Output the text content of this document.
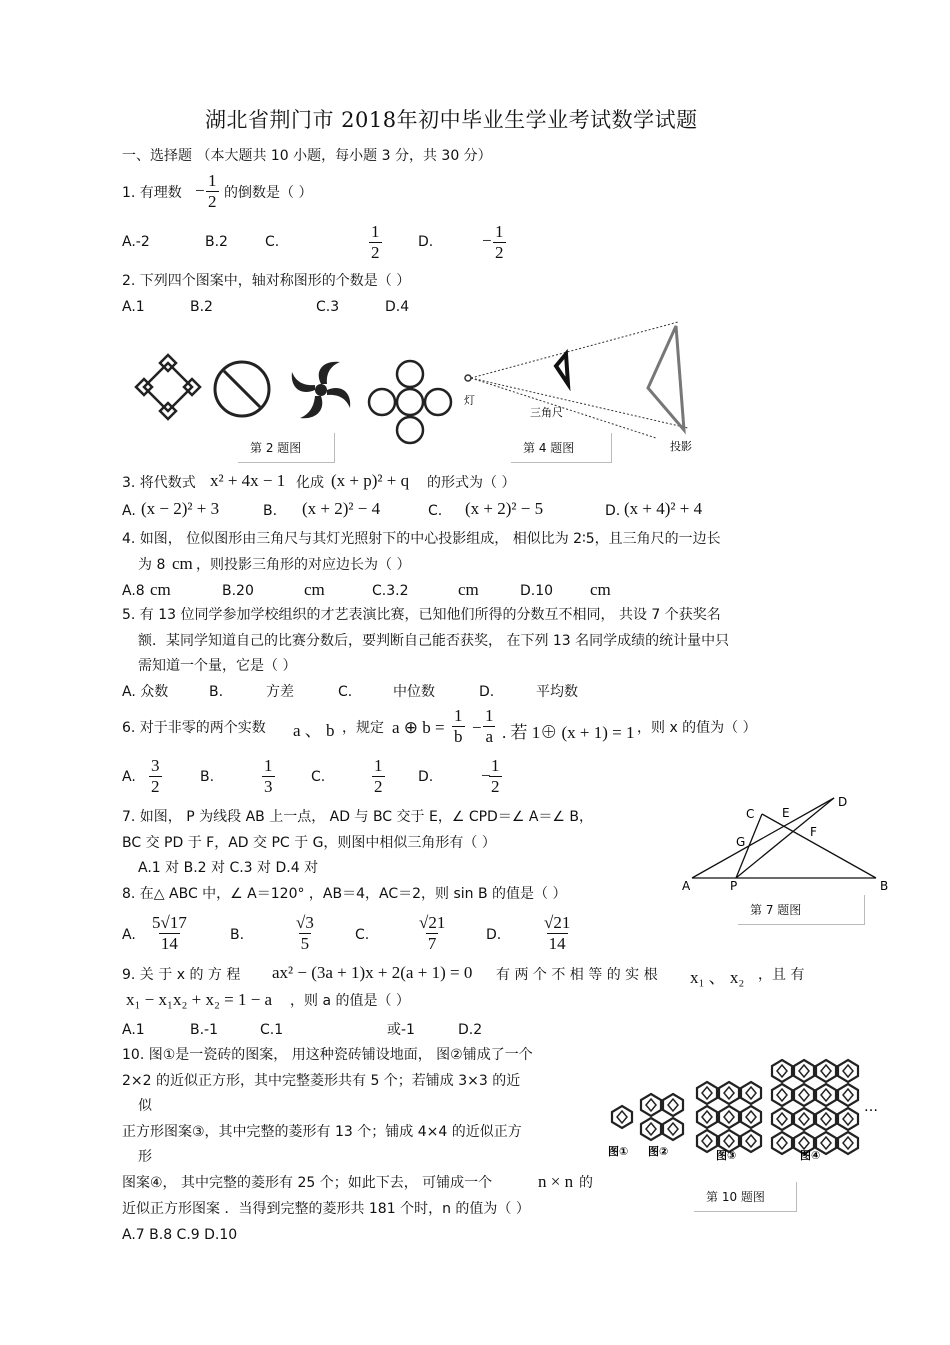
湖北省荆门市 2018年初中毕业生学业考试数学试题
一、选择题 （本大题共 10 小题，每小题 3 分，共 30 分）
1. 有理数 − $\frac{1}{2}$ 的倒数是（ ）
A.-2	B.2	C.	$\frac{1}{2}$	D.	− $\frac{1}{2}$
2. 下列四个图案中，轴对称图形的个数是（ ）
A.1	B.2	C.3	D.4
灯
三角尺
投影
第 2 题图	第 4 题图
3. 将代数式 x² + 4x − 1 化成 (x + p)² + q 的形式为（ ）
A. (x − 2)² + 3	B. (x + 2)² − 4	C. (x + 2)² − 5	D. (x + 4)² + 4
4. 如图， 位似图形由三角尺与其灯光照射下的中心投影组成， 相似比为 2∶5，且三角尺的一边长
为 8 cm ，则投影三角形的对应边长为（ ）
A.8 cm	B.20	cm	C.3.2	cm	D.10 cm
5. 有 13 位同学参加学校组织的才艺表演比赛，已知他们所得的分数互不相同， 共设 7 个获奖名
额．某同学知道自己的比赛分数后，要判断自己能否获奖， 在下列 13 名同学成绩的统计量中只
需知道一个量，它是（ ）
A. 众数	B.	方差	C.	中位数	D.	平均数
6. 对于非零的两个实数 a 、 b ，规定 a ⊕ $b = \frac{1}{b} - \frac{1}{a}$ . 若 1⊕ (x + 1) = 1 ，则 x 的值为（ ）
A. $\frac{3}{2}$	B.	$\frac{1}{3}$	C.	$\frac{1}{2} D$.	−
$\frac{1}{2}$
7. 如图， P 为线段 AB 上一点， AD 与 BC 交于 E，∠ CPD＝∠ A＝∠ B，
BC 交 PD 于 F，AD 交 PC 于 G，则图中相似三角形有（ ）
A.1 对 B.2 对 C.3 对 D.4 对
A	B
C
D
E
F
G
P
第 7 题图
8. 在△ ABC 中，∠ A＝120° ，AB＝4，AC＝2，则 sin B 的值是（ ）
A. $\frac{5√17}{14}$	B.	$\frac{√3}{5}$	C.	$\frac{√21}{7}$	D. $\frac{√21}{14}$
9. 关 于 x 的 方 程 ax² − (3a + 1)x + 2(a + 1) = 0 有 两 个 不 相 等 的 实 根 x₁ 、 x₂ ，且 有
x₁ − x₁x₂ + x₂ = 1 − a ，则 a 的值是（ ）
A.1	B.-1	C.1	或-1	D.2
10. 图①是一瓷砖的图案， 用这种瓷砖铺设地面， 图②铺成了一个
2×2 的近似正方形，其中完整菱形共有 5 个；若铺成 3×3 的近
似
正方形图案③，其中完整的菱形有 13 个；铺成 4×4 的近似正方
形
图案④， 其中完整的菱形有 25 个；如此下去， 可铺成一个	n × n 的
近似正方形图案 ．当得到完整的菱形共 181 个时，n 的值为（ ）
A.7 B.8 C.9 D.10
…
图① 图②	图③	图④
第 10 题图
